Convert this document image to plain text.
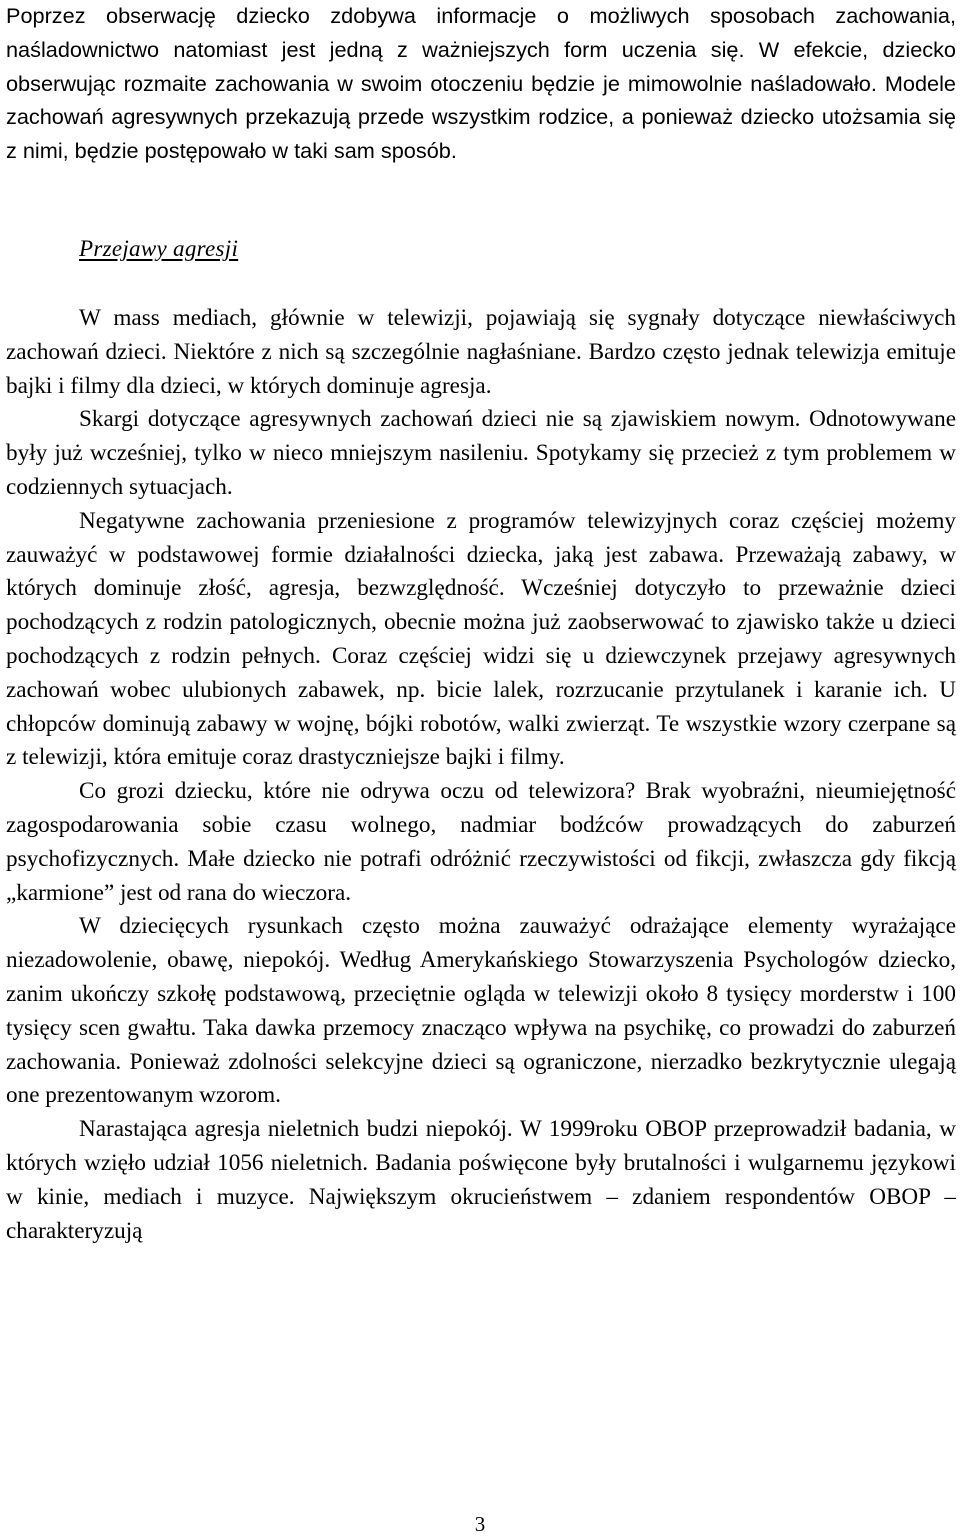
Poprzez obserwację dziecko zdobywa informacje o możliwych sposobach zachowania, naśladownictwo natomiast jest jedną z ważniejszych form uczenia się. W efekcie, dziecko obserwując rozmaite zachowania w swoim otoczeniu będzie je mimowolnie naśladowało. Modele zachowań agresywnych przekazują przede wszystkim rodzice, a ponieważ dziecko utożsamia się z nimi, będzie postępowało w taki sam sposób.

Przejawy agresji

W mass mediach, głównie w telewizji, pojawiają się sygnały dotyczące niewłaściwych zachowań dzieci. Niektóre z nich są szczególnie nagłaśniane. Bardzo często jednak telewizja emituje bajki i filmy dla dzieci, w których dominuje agresja.

Skargi dotyczące agresywnych zachowań dzieci nie są zjawiskiem nowym. Odnotowywane były już wcześniej, tylko w nieco mniejszym nasileniu. Spotykamy się przecież z tym problemem w codziennych sytuacjach.

Negatywne zachowania przeniesione z programów telewizyjnych coraz częściej możemy zauważyć w podstawowej formie działalności dziecka, jaką jest zabawa. Przeważają zabawy, w których dominuje złość, agresja, bezwzględność. Wcześniej dotyczyło to przeważnie dzieci pochodzących z rodzin patologicznych, obecnie można już zaobserwować to zjawisko także u dzieci pochodzących z rodzin pełnych. Coraz częściej widzi się u dziewczynek przejawy agresywnych zachowań wobec ulubionych zabawek, np. bicie lalek, rozrzucanie przytulanek i karanie ich. U chłopców dominują zabawy w wojnę, bójki robotów, walki zwierząt. Te wszystkie wzory czerpane są z telewizji, która emituje coraz drastyczniejsze bajki i filmy.

Co grozi dziecku, które nie odrywa oczu od telewizora? Brak wyobraźni, nieumiejętność zagospodarowania sobie czasu wolnego, nadmiar bodźców prowadzących do zaburzeń psychofizycznych. Małe dziecko nie potrafi odróżnić rzeczywistości od fikcji, zwłaszcza gdy fikcją „karmione” jest od rana do wieczora.

W dziecięcych rysunkach często można zauważyć odrażające elementy wyrażające niezadowolenie, obawę, niepokój. Według Amerykańskiego Stowarzyszenia Psychologów dziecko, zanim ukończy szkołę podstawową, przeciętnie ogląda w telewizji około 8 tysięcy morderstw i 100 tysięcy scen gwałtu. Taka dawka przemocy znacząco wpływa na psychikę, co prowadzi do zaburzeń zachowania. Ponieważ zdolności selekcyjne dzieci są ograniczone, nierzadko bezkrytycznie ulegają one prezentowanym wzorom.

Narastająca agresja nieletnich budzi niepokój. W 1999roku OBOP przeprowadził badania, w których wzięło udział 1056 nieletnich. Badania poświęcone były brutalności i wulgarnemu językowi w kinie, mediach i muzyce. Największym okrucieństwem – zdaniem respondentów OBOP – charakteryzują

3
